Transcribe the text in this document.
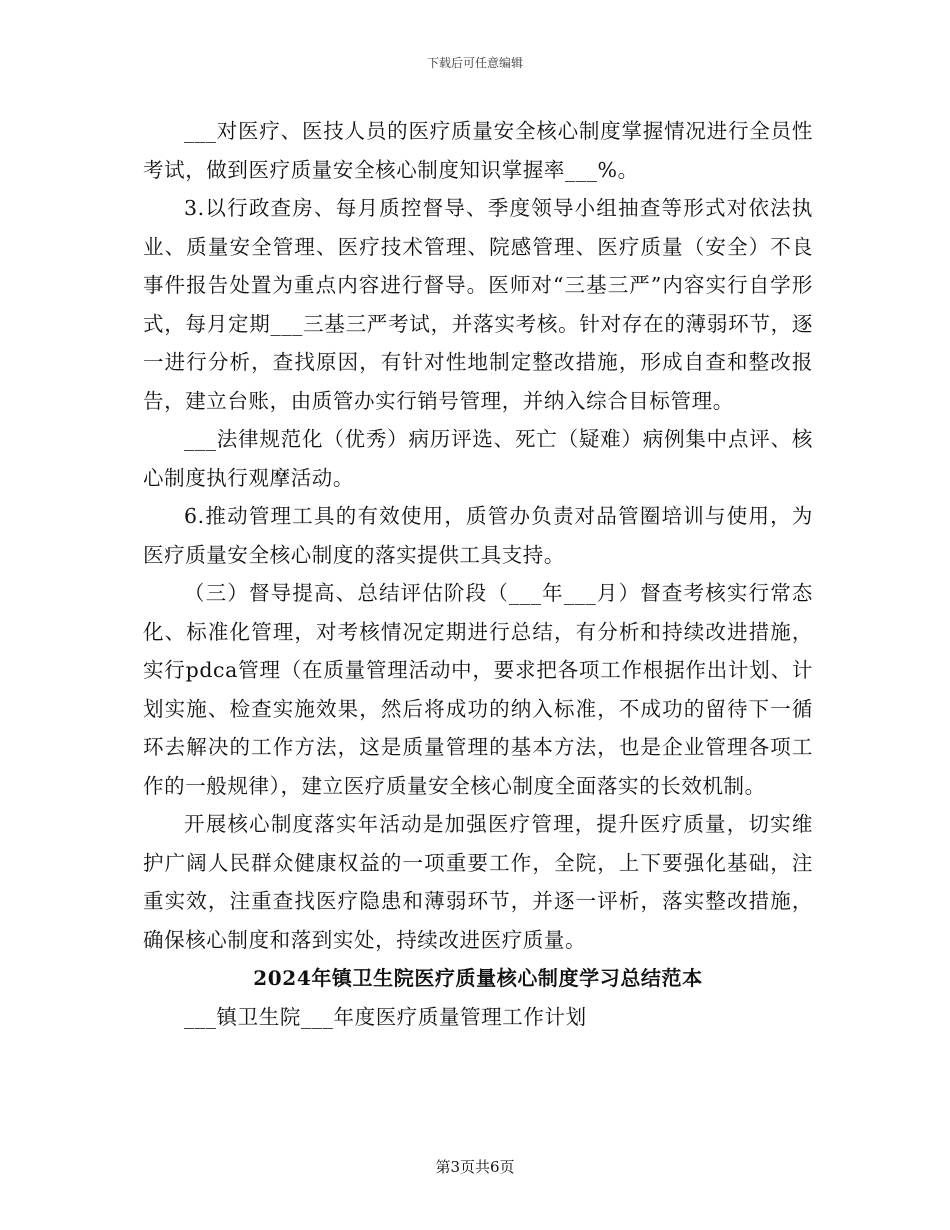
下载后可任意编辑

___对医疗、医技人员的医疗质量安全核心制度掌握情况进行全员性考试，做到医疗质量安全核心制度知识掌握率___%。

3.以行政查房、每月质控督导、季度领导小组抽查等形式对依法执业、质量安全管理、医疗技术管理、院感管理、医疗质量（安全）不良事件报告处置为重点内容进行督导。医师对“三基三严”内容实行自学形式，每月定期___三基三严考试，并落实考核。针对存在的薄弱环节，逐一进行分析，查找原因，有针对性地制定整改措施，形成自查和整改报告，建立台账，由质管办实行销号管理，并纳入综合目标管理。

___法律规范化（优秀）病历评选、死亡（疑难）病例集中点评、核心制度执行观摩活动。

6.推动管理工具的有效使用，质管办负责对品管圈培训与使用，为医疗质量安全核心制度的落实提供工具支持。

（三）督导提高、总结评估阶段（___年___月）督查考核实行常态化、标准化管理，对考核情况定期进行总结，有分析和持续改进措施，实行pdca管理（在质量管理活动中，要求把各项工作根据作出计划、计划实施、检查实施效果，然后将成功的纳入标准，不成功的留待下一循环去解决的工作方法，这是质量管理的基本方法，也是企业管理各项工作的一般规律），建立医疗质量安全核心制度全面落实的长效机制。

开展核心制度落实年活动是加强医疗管理，提升医疗质量，切实维护广阔人民群众健康权益的一项重要工作，全院，上下要强化基础，注重实效，注重查找医疗隐患和薄弱环节，并逐一评析，落实整改措施，确保核心制度和落到实处，持续改进医疗质量。

2024年镇卫生院医疗质量核心制度学习总结范本

___镇卫生院___年度医疗质量管理工作计划

第3页共6页
